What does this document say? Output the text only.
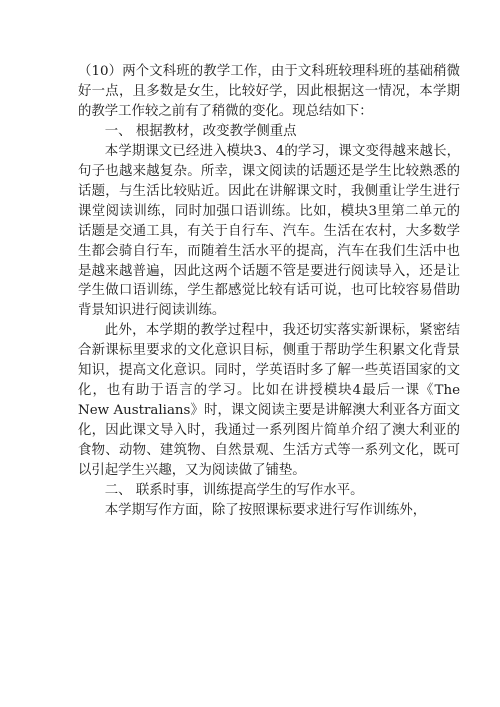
（10）两个文科班的教学工作，由于文科班较理科班的基础稍微好一点，且多数是女生，比较好学，因此根据这一情况，本学期的教学工作较之前有了稍微的变化。现总结如下：

一、 根据教材，改变教学侧重点

本学期课文已经进入模块3、4的学习，课文变得越来越长，句子也越来越复杂。所幸，课文阅读的话题还是学生比较熟悉的话题，与生活比较贴近。因此在讲解课文时，我侧重让学生进行课堂阅读训练，同时加强口语训练。比如，模块3里第二单元的话题是交通工具，有关于自行车、汽车。生活在农村，大多数学生都会骑自行车，而随着生活水平的提高，汽车在我们生活中也是越来越普遍，因此这两个话题不管是要进行阅读导入，还是让学生做口语训练，学生都感觉比较有话可说，也可比较容易借助背景知识进行阅读训练。

此外，本学期的教学过程中，我还切实落实新课标，紧密结合新课标里要求的文化意识目标，侧重于帮助学生积累文化背景知识，提高文化意识。同时，学英语时多了解一些英语国家的文化，也有助于语言的学习。比如在讲授模块4最后一课《The New Australians》时，课文阅读主要是讲解澳大利亚各方面文化，因此课文导入时，我通过一系列图片简单介绍了澳大利亚的食物、动物、建筑物、自然景观、生活方式等一系列文化，既可以引起学生兴趣，又为阅读做了铺垫。

二、 联系时事，训练提高学生的写作水平。

本学期写作方面，除了按照课标要求进行写作训练外，
